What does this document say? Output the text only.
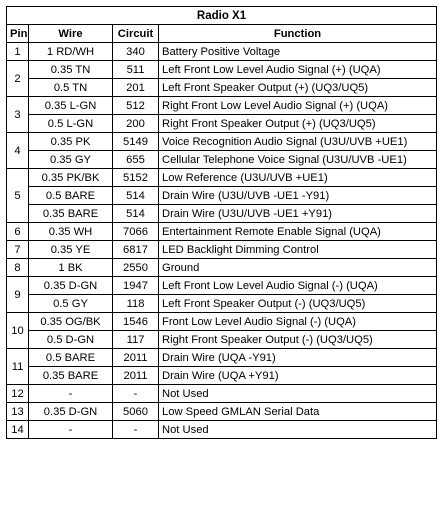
Radio X1			
Pin	Wire	Circuit	Function
1	1 RD/WH	340	Battery Positive Voltage
2	0.35 TN	511	Left Front Low Level Audio Signal (+) (UQA)
	0.5 TN	201	Left Front Speaker Output (+) (UQ3/UQ5)
3	0.35 L-GN	512	Right Front Low Level Audio Signal (+) (UQA)
	0.5 L-GN	200	Right Front Speaker Output (+) (UQ3/UQ5)
4	0.35 PK	5149	Voice Recognition Audio Signal (U3U/UVB +UE1)
	0.35 GY	655	Cellular Telephone Voice Signal (U3U/UVB -UE1)
5	0.35 PK/BK	5152	Low Reference (U3U/UVB +UE1)
	0.5 BARE	514	Drain Wire (U3U/UVB -UE1 -Y91)
	0.35 BARE	514	Drain Wire (U3U/UVB -UE1 +Y91)
6	0.35 WH	7066	Entertainment Remote Enable Signal (UQA)
7	0.35 YE	6817	LED Backlight Dimming Control
8	1 BK	2550	Ground
9	0.35 D-GN	1947	Left Front Low Level Audio Signal (-) (UQA)
	0.5 GY	118	Left Front Speaker Output (-) (UQ3/UQ5)
10	0.35 OG/BK	1546	Front Low Level Audio Signal (-) (UQA)
	0.5 D-GN	117	Right Front Speaker Output (-) (UQ3/UQ5)
11	0.5 BARE	2011	Drain Wire (UQA -Y91)
	0.35 BARE	2011	Drain Wire (UQA +Y91)
12	-	-	Not Used
13	0.35 D-GN	5060	Low Speed GMLAN Serial Data
14	-	-	Not Used
